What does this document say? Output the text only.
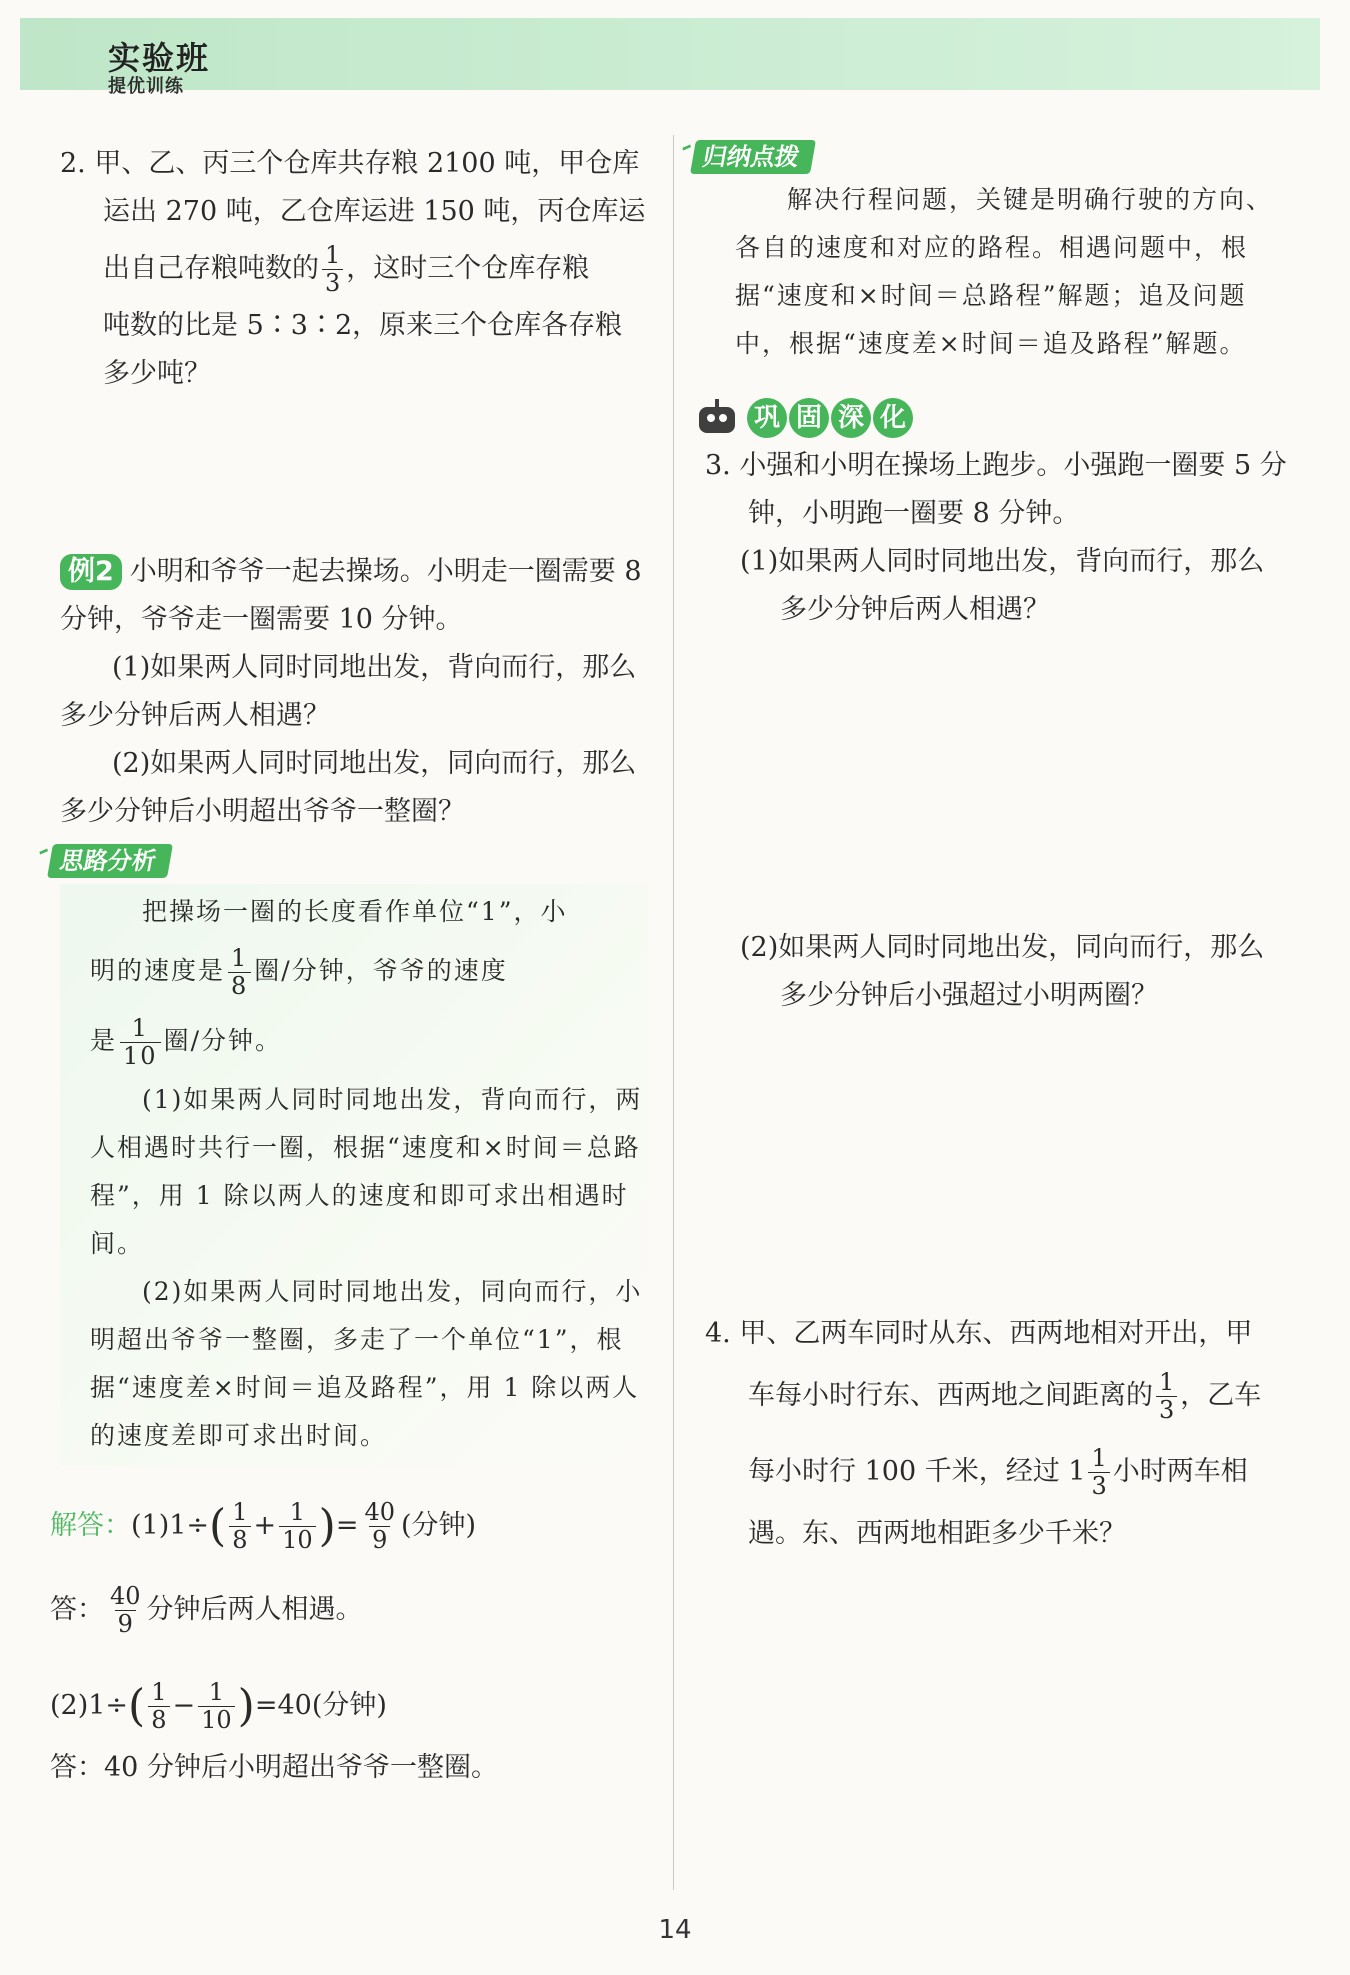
实验班
提优训练

2. 甲、乙、丙三个仓库共存粮 2100 吨，甲仓库运出 270 吨，乙仓库运进 150 吨，丙仓库运

出自己存粮吨数的 $\frac{1}{3}$ ，这时三个仓库存粮

吨数的比是 5∶3∶2，原来三个仓库各存粮多少吨？

例2 小明和爷爷一起去操场。小明走一圈需要 8 分钟，爷爷走一圈需要 10 分钟。

(1)如果两人同时同地出发，背向而行，那么多少分钟后两人相遇？

(2)如果两人同时同地出发，同向而行，那么多少分钟后小明超出爷爷一整圈？

思路分析

把操场一圈的长度看作单位“1”，小

明的速度是 $\frac{1}{8}$ 圈/分钟，爷爷的速度

是 $\frac{1}{10}$ 圈/分钟。

(1)如果两人同时同地出发，背向而行，两人相遇时共行一圈，根据“速度和×时间＝总路程”，用 1 除以两人的速度和即可求出相遇时间。

(2)如果两人同时同地出发，同向而行，小明超出爷爷一整圈，多走了一个单位“1”，根据“速度差×时间＝追及路程”，用 1 除以两人的速度差即可求出时间。

解答：$(1)1\div( \frac{1}{8} + \frac{1}{10}$ )= $\frac{40}{9}$ (分钟)

答： $\frac{40}{9}$ 分钟后两人相遇。

$(2)1\div( \frac{1}{8} - \frac{1}{10} )=40$(分钟)

答：40 分钟后小明超出爷爷一整圈。

归纳点拨

解决行程问题，关键是明确行驶的方向、各自的速度和对应的路程。相遇问题中，根据“速度和×时间＝总路程”解题；追及问题中，根据“速度差×时间＝追及路程”解题。

巩 固 深 化

3. 小强和小明在操场上跑步。小强跑一圈要 5 分钟，小明跑一圈要 8 分钟。

(1)如果两人同时同地出发，背向而行，那么多少分钟后两人相遇？

(2)如果两人同时同地出发，同向而行，那么多少分钟后小强超过小明两圈？

4. 甲、乙两车同时从东、西两地相对开出，甲

车每小时行东、西两地之间距离的 $\frac{1}{3}$ ，乙车

每小时行 100 千米，经过 $1 \frac{1}{3}$ 小时两车相

遇。东、西两地相距多少千米？

14
